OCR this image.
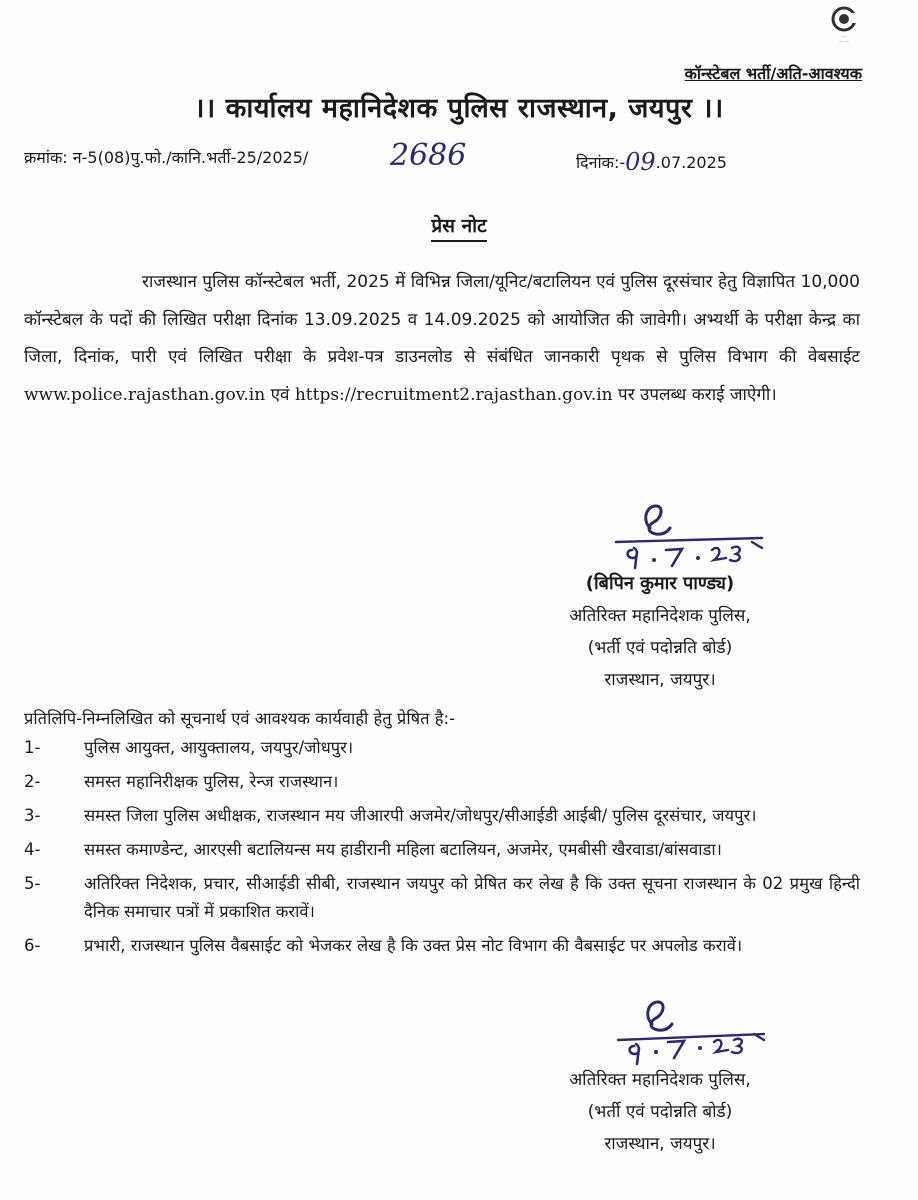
—
— —
कॉन्स्टेबल भर्ती/अति-आवश्यक
।। कार्यालय महानिदेशक पुलिस राजस्थान, जयपुर ।।
क्रमांक: न-5(08)पु.फो./कानि.भर्ती-25/2025/	2686	दिनांक:-09.07.2025
प्रेस नोट
राजस्थान पुलिस कॉन्स्टेबल भर्ती, 2025 में विभिन्न जिला/यूनिट/बटालियन एवं पुलिस दूरसंचार हेतु विज्ञापित 10,000 कॉन्स्टेबल के पदों की लिखित परीक्षा दिनांक 13.09.2025 व 14.09.2025 को आयोजित की जावेगी। अभ्यर्थी के परीक्षा केन्द्र का जिला, दिनांक, पारी एवं लिखित परीक्षा के प्रवेश-पत्र डाउनलोड से संबंधित जानकारी पृथक से पुलिस विभाग की वेबसाईट www.police.rajasthan.gov.in एवं https://recruitment2.rajasthan.gov.in पर उपलब्ध कराई जाऐगी।
(बिपिन कुमार पाण्ड्य)
अतिरिक्त महानिदेशक पुलिस,
(भर्ती एवं पदोन्नति बोर्ड)
राजस्थान, जयपुर।
प्रतिलिपि-निम्नलिखित को सूचनार्थ एवं आवश्यक कार्यवाही हेतु प्रेषित है:-
1-	पुलिस आयुक्त, आयुक्तालय, जयपुर/जोधपुर।
2-	समस्त महानिरीक्षक पुलिस, रेन्ज राजस्थान।
3-	समस्त जिला पुलिस अधीक्षक, राजस्थान मय जीआरपी अजमेर/जोधपुर/सीआईडी आईबी/ पुलिस दूरसंचार, जयपुर।
4-	समस्त कमाण्डेन्ट, आरएसी बटालियन्स मय हाडीरानी महिला बटालियन, अजमेर, एमबीसी खैरवाडा/बांसवाडा।
5-	अतिरिक्त निदेशक, प्रचार, सीआईडी सीबी, राजस्थान जयपुर को प्रेषित कर लेख है कि उक्त सूचना राजस्थान के 02 प्रमुख हिन्दी दैनिक समाचार पत्रों में प्रकाशित करावें।
6-	प्रभारी, राजस्थान पुलिस वैबसाईट को भेजकर लेख है कि उक्त प्रेस नोट विभाग की वैबसाईट पर अपलोड करावें।
अतिरिक्त महानिदेशक पुलिस,
(भर्ती एवं पदोन्नति बोर्ड)
राजस्थान, जयपुर।
